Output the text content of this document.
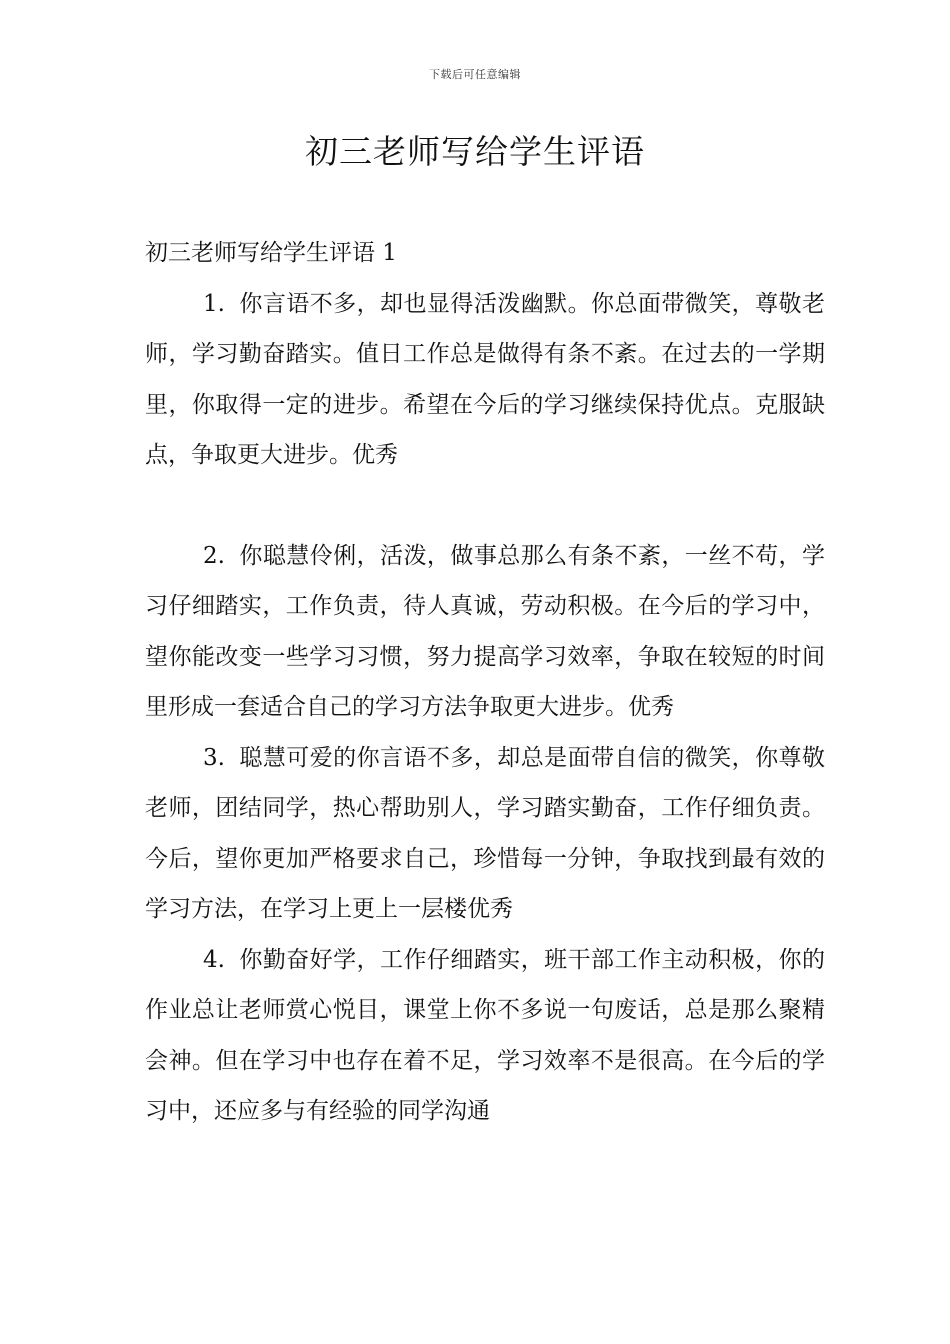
下载后可任意编辑
初三老师写给学生评语

初三老师写给学生评语 1

1. 你言语不多，却也显得活泼幽默。你总面带微笑，尊敬老师，学习勤奋踏实。值日工作总是做得有条不紊。在过去的一学期里，你取得一定的进步。希望在今后的学习继续保持优点。克服缺点，争取更大进步。优秀

2. 你聪慧伶俐，活泼，做事总那么有条不紊，一丝不苟，学习仔细踏实，工作负责，待人真诚，劳动积极。在今后的学习中，望你能改变一些学习习惯，努力提高学习效率，争取在较短的时间里形成一套适合自己的学习方法争取更大进步。优秀

3. 聪慧可爱的你言语不多，却总是面带自信的微笑，你尊敬老师，团结同学，热心帮助别人，学习踏实勤奋，工作仔细负责。今后，望你更加严格要求自己，珍惜每一分钟，争取找到最有效的学习方法，在学习上更上一层楼优秀

4. 你勤奋好学，工作仔细踏实，班干部工作主动积极，你的作业总让老师赏心悦目，课堂上你不多说一句废话，总是那么聚精会神。但在学习中也存在着不足，学习效率不是很高。在今后的学习中，还应多与有经验的同学沟通
